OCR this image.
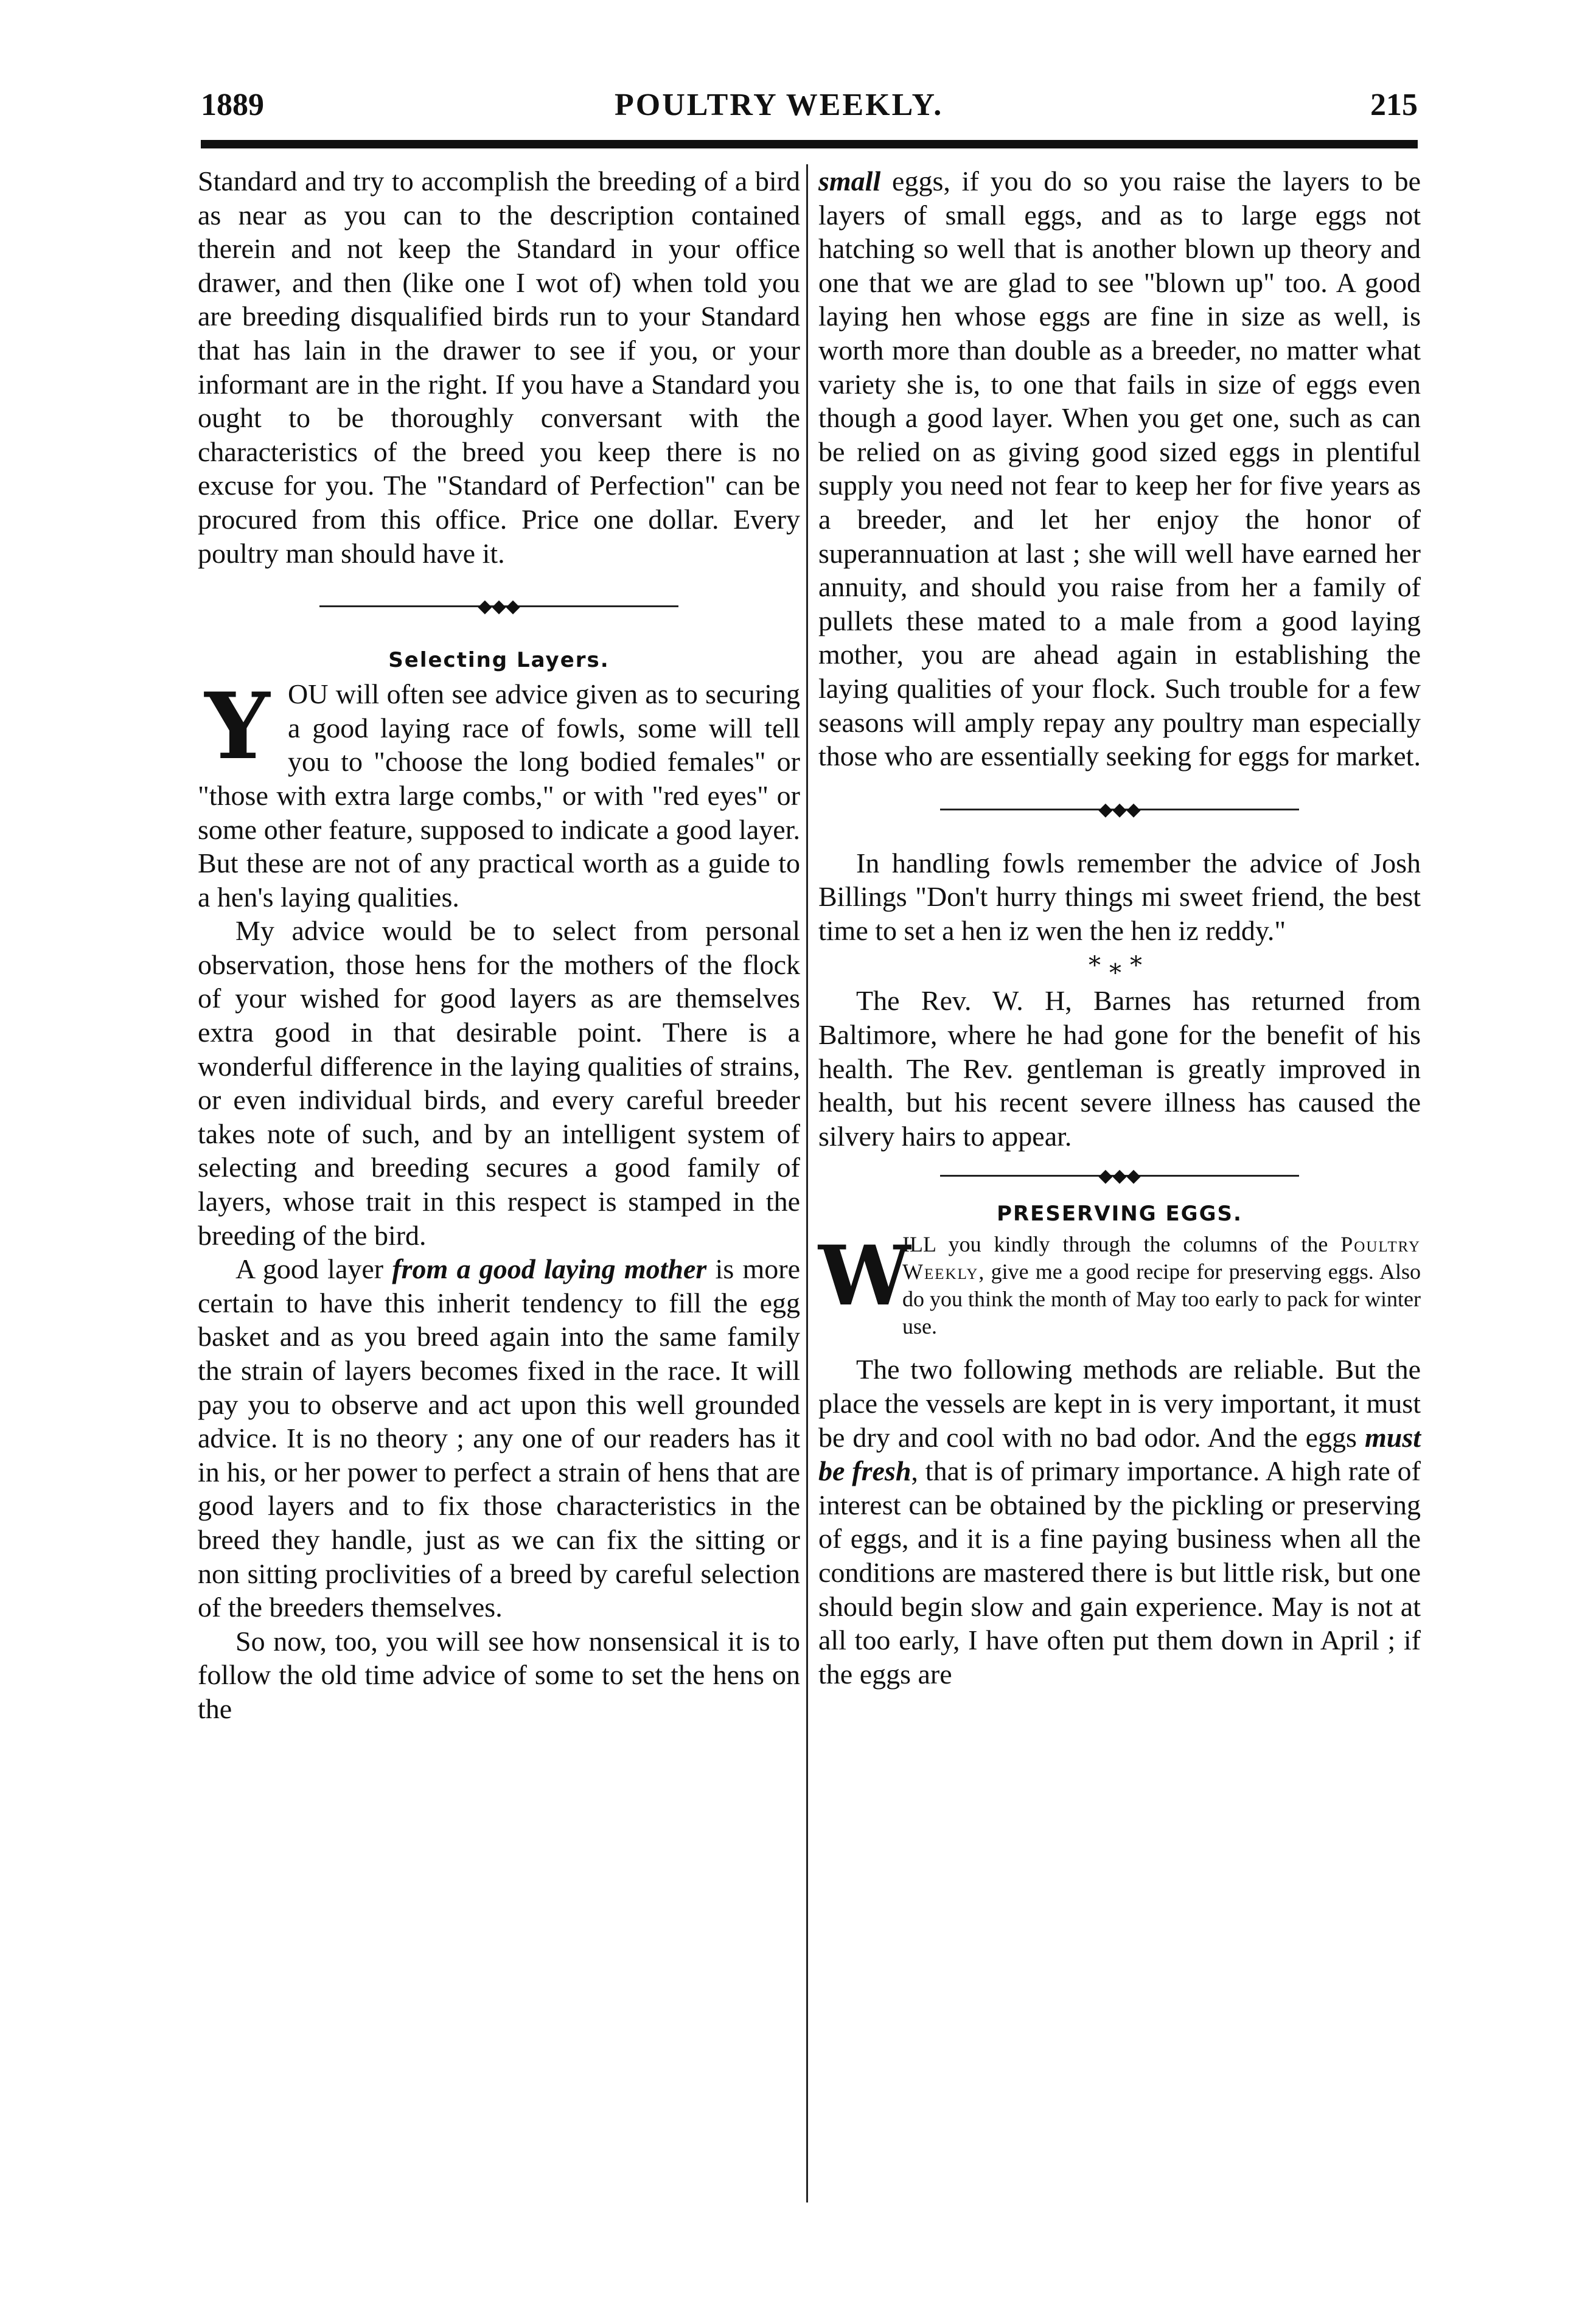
1889	POULTRY WEEKLY.	215

Standard and try to accomplish the breeding of a bird as near as you can to the description contained therein and not keep the Standard in your office drawer, and then (like one I wot of) when told you are breeding disqualified birds run to your Standard that has lain in the drawer to see if you, or your informant are in the right. If you have a Standard you ought to be thoroughly conversant with the characteristics of the breed you keep there is no excuse for you. The "Standard of Perfection" can be procured from this office. Price one dollar. Every poultry man should have it.

◆◆◆
Selecting Layers.

YOU will often see advice given as to securing a good laying race of fowls, some will tell you to "choose the long bodied females" or "those with extra large combs," or with "red eyes" or some other feature, supposed to indicate a good layer. But these are not of any practical worth as a guide to a hen's laying qualities.

My advice would be to select from personal observation, those hens for the mothers of the flock of your wished for good layers as are themselves extra good in that desirable point. There is a wonderful difference in the laying qualities of strains, or even individual birds, and every careful breeder takes note of such, and by an intelligent system of selecting and breeding secures a good family of layers, whose trait in this respect is stamped in the breeding of the bird.

A good layer from a good laying mother is more certain to have this inherit tendency to fill the egg basket and as you breed again into the same family the strain of layers becomes fixed in the race. It will pay you to observe and act upon this well grounded advice. It is no theory ; any one of our readers has it in his, or her power to perfect a strain of hens that are good layers and to fix those characteristics in the breed they handle, just as we can fix the sitting or non sitting proclivities of a breed by careful selection of the breeders themselves.

So now, too, you will see how nonsensical it is to follow the old time advice of some to set the hens on the

small eggs, if you do so you raise the layers to be layers of small eggs, and as to large eggs not hatching so well that is another blown up theory and one that we are glad to see "blown up" too. A good laying hen whose eggs are fine in size as well, is worth more than double as a breeder, no matter what variety she is, to one that fails in size of eggs even though a good layer. When you get one, such as can be relied on as giving good sized eggs in plentiful supply you need not fear to keep her for five years as a breeder, and let her enjoy the honor of superannuation at last ; she will well have earned her annuity, and should you raise from her a family of pullets these mated to a male from a good laying mother, you are ahead again in establishing the laying qualities of your flock. Such trouble for a few seasons will amply repay any poultry man especially those who are essentially seeking for eggs for market.

◆◆◆

In handling fowls remember the advice of Josh Billings "Don't hurry things mi sweet friend, the best time to set a hen iz wen the hen iz reddy."

*⁎*

The Rev. W. H, Barnes has returned from Baltimore, where he had gone for the benefit of his health. The Rev. gentleman is greatly improved in health, but his recent severe illness has caused the silvery hairs to appear.

◆◆◆
PRESERVING EGGS.

W
ILL you kindly through the columns of the Poultry Weekly, give me a good recipe for preserving eggs. Also do you think the month of May too early to pack for winter use.

The two following methods are reliable. But the place the vessels are kept in is very important, it must be dry and cool with no bad odor. And the eggs must be fresh, that is of primary importance. A high rate of interest can be obtained by the pickling or preserving of eggs, and it is a fine paying business when all the conditions are mastered there is but little risk, but one should begin slow and gain experience. May is not at all too early, I have often put them down in April ; if the eggs are
